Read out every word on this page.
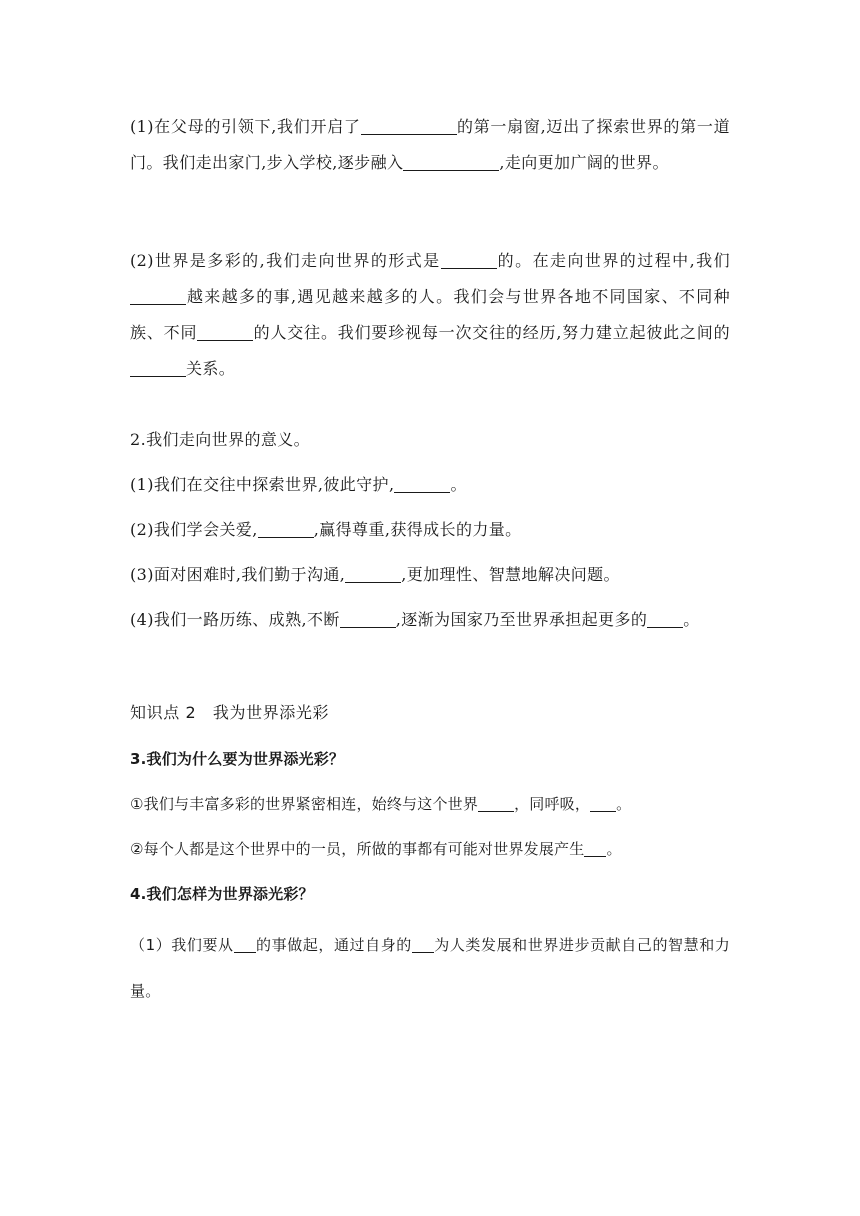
(1)在父母的引领下,我们开启了	的第一扇窗,迈出了探索世界的第一道门。我们走出家门,步入学校,逐步融入	,走向更加广阔的世界。

(2)世界是多彩的,我们走向世界的形式是	的。在走向世界的过程中,我们越来越多的事,遇见越来越多的人。我们会与世界各地不同国家、不同种族、不同	的人交往。我们要珍视每一次交往的经历,努力建立起彼此之间的关系。

2.我们走向世界的意义。

(1)我们在交往中探索世界,彼此守护,	。

(2)我们学会关爱,	,赢得尊重,获得成长的力量。

(3)面对困难时,我们勤于沟通,	,更加理性、智慧地解决问题。

(4)我们一路历练、成熟,不断	,逐渐为国家乃至世界承担起更多的 。

知识点 2　我为世界添光彩

3.我们为什么要为世界添光彩？

①我们与丰富多彩的世界紧密相连，始终与这个世界 ，同呼吸， 。

②每个人都是这个世界中的一员，所做的事都有可能对世界发展产生 。

4.我们怎样为世界添光彩？

（1）我们要从 的事做起，通过自身的 为人类发展和世界进步贡献自己的智慧和力量。
